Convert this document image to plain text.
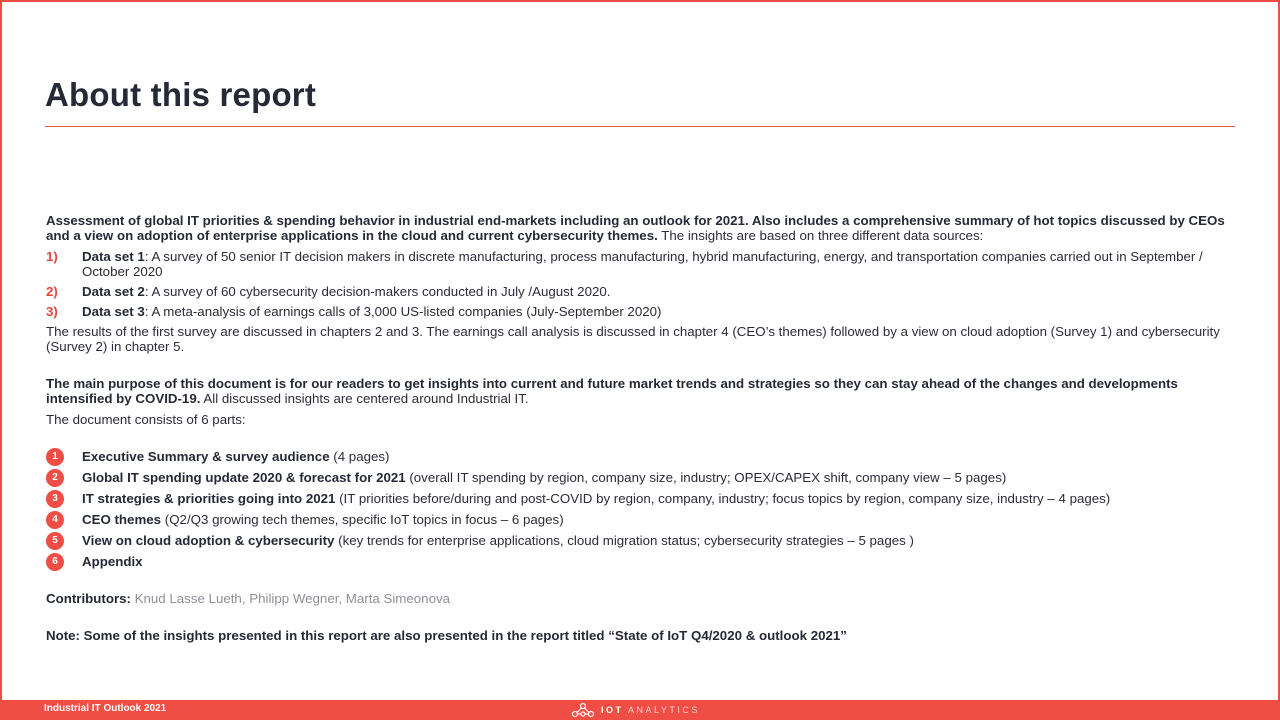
About this report

Assessment of global IT priorities & spending behavior in industrial end-markets including an outlook for 2021. Also includes a comprehensive summary of hot topics discussed by CEOs and a view on adoption of enterprise applications in the cloud and current cybersecurity themes. The insights are based on three different data sources:

1)	Data set 1: A survey of 50 senior IT decision makers in discrete manufacturing, process manufacturing, hybrid manufacturing, energy, and transportation companies carried out in September / October 2020
2)	Data set 2: A survey of 60 cybersecurity decision-makers conducted in July /August 2020.
3)	Data set 3: A meta-analysis of earnings calls of 3,000 US-listed companies (July-September 2020)

The results of the first survey are discussed in chapters 2 and 3. The earnings call analysis is discussed in chapter 4 (CEO’s themes) followed by a view on cloud adoption (Survey 1) and cybersecurity (Survey 2) in chapter 5.

The main purpose of this document is for our readers to get insights into current and future market trends and strategies so they can stay ahead of the changes and developments intensified by COVID-19. All discussed insights are centered around Industrial IT.

The document consists of 6 parts:

1	Executive Summary & survey audience (4 pages)
2	Global IT spending update 2020 & forecast for 2021 (overall IT spending by region, company size, industry; OPEX/CAPEX shift, company view – 5 pages)
3	IT strategies & priorities going into 2021 (IT priorities before/during and post-COVID by region, company, industry; focus topics by region, company size, industry – 4 pages)
4	CEO themes (Q2/Q3 growing tech themes, specific IoT topics in focus – 6 pages)
5	View on cloud adoption & cybersecurity (key trends for enterprise applications, cloud migration status; cybersecurity strategies – 5 pages )
6	Appendix

Contributors: Knud Lasse Lueth, Philipp Wegner, Marta Simeonova

Note: Some of the insights presented in this report are also presented in the report titled “State of IoT Q4/2020 & outlook 2021”

Industrial IT Outlook 2021	IOT ANALYTICS
